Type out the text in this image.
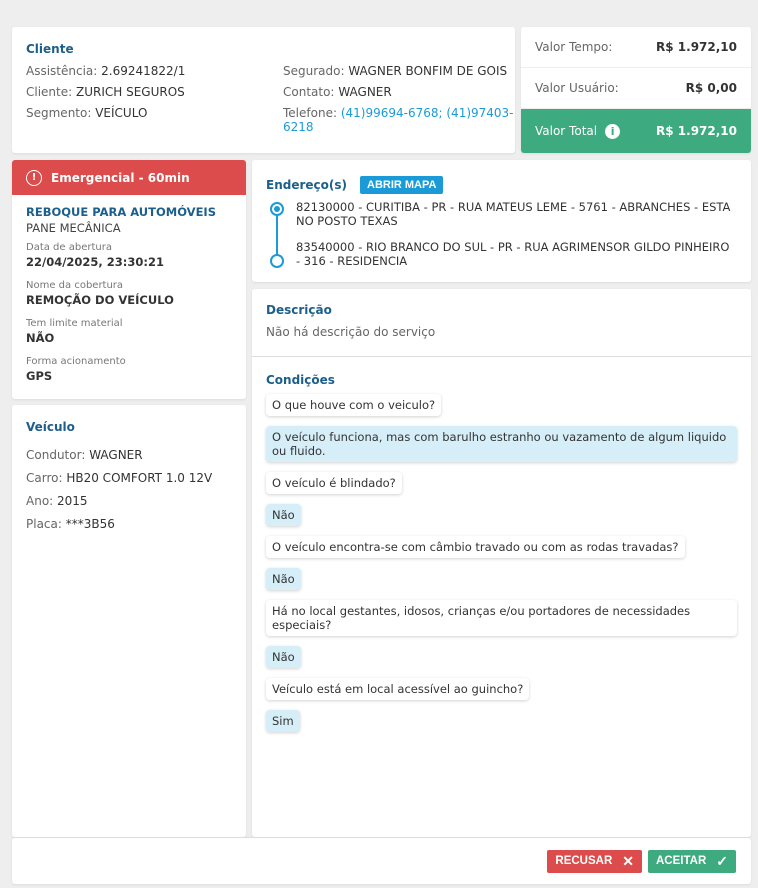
Cliente
Assistência: 2.69241822/1
Cliente: ZURICH SEGUROS
Segmento: VEÍCULO
Segurado: WAGNER BONFIM DE GOIS
Contato: WAGNER
Telefone: (41)99694-6768; (41)97403-6218
Valor Tempo:	R$ 1.972,10
Valor Usuário:	R$ 0,00
Valor Total i	R$ 1.972,10
!	Emergencial - 60min
REBOQUE PARA AUTOMÓVEIS
PANE MECÂNICA
Data de abertura
22/04/2025, 23:30:21
Nome da cobertura
REMOÇÃO DO VEÍCULO
Tem limite material
NÃO
Forma acionamento
GPS
Veículo
Condutor: WAGNER
Carro: HB20 COMFORT 1.0 12V
Ano: 2015
Placa: ***3B56
Endereço(s)	ABRIR MAPA
82130000 - CURITIBA - PR - RUA MATEUS LEME - 5761 - ABRANCHES - ESTA NO POSTO TEXAS
83540000 - RIO BRANCO DO SUL - PR - RUA AGRIMENSOR GILDO PINHEIRO - 316 - RESIDENCIA
Descrição
Não há descrição do serviço
Condições
O que houve com o veiculo?
O veículo funciona, mas com barulho estranho ou vazamento de algum liquido ou fluido.
O veículo é blindado?
Não
O veículo encontra-se com câmbio travado ou com as rodas travadas?
Não
Há no local gestantes, idosos, crianças e/ou portadores de necessidades especiais?
Não
Veículo está em local acessível ao guincho?
Sim
RECUSAR ✕ ACEITAR ✓
